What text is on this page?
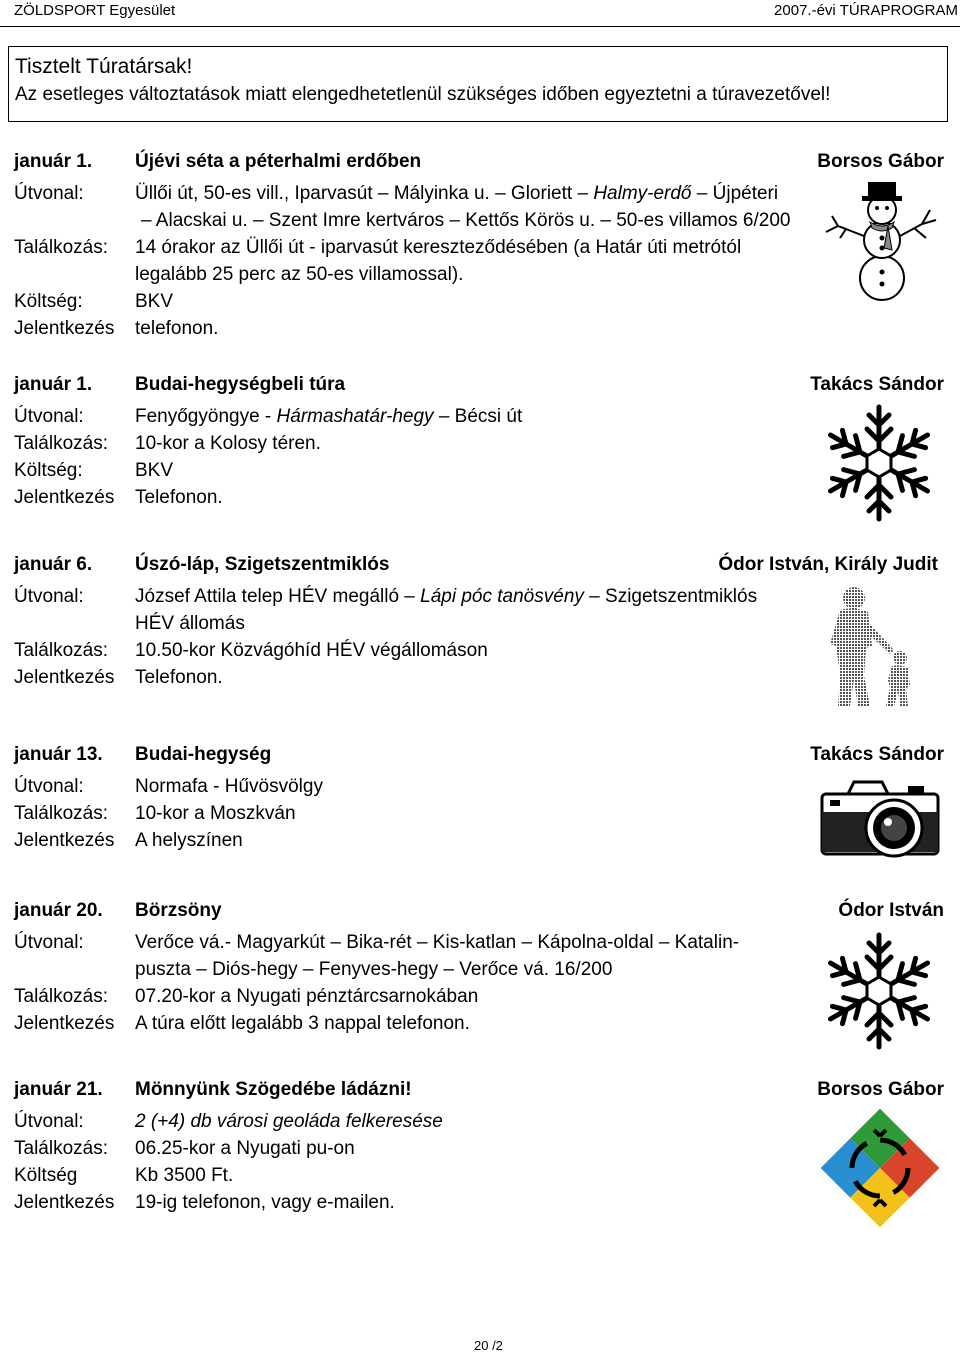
ZÖLDSPORT Egyesület	2007.-évi TÚRAPROGRAM
Tisztelt Túratársak!
Az esetleges változtatások miatt elengedhetetlenül szükséges időben egyeztetni a túravezetővel!
január 1. Újévi séta a péterhalmi erdőben	Borsos Gábor
Útvonal:	Üllői út, 50-es vill., Iparvasút – Mályinka u. – Gloriett – Halmy-erdő – Újpéteri
– Alacskai u. – Szent Imre kertváros – Kettős Körös u. – 50-es villamos 6/200
Találkozás: 14 órakor az Üllői út - iparvasút kereszteződésében (a Határ úti metrótól
legalább 25 perc az 50-es villamossal).
Költség:	BKV
Jelentkezés telefonon.
január 1. Budai-hegységbeli túra	Takács Sándor
Útvonal:	Fenyőgyöngye - Hármashatár-hegy – Bécsi út
Találkozás: 10-kor a Kolosy téren.
Költség:	BKV
Jelentkezés Telefonon.
január 6. Úszó-láp, Szigetszentmiklós	Ódor István, Király Judit
Útvonal:	József Attila telep HÉV megálló – Lápi póc tanösvény – Szigetszentmiklós
HÉV állomás
Találkozás: 10.50-kor Közvágóhíd HÉV végállomáson
Jelentkezés Telefonon.
január 13. Budai-hegység	Takács Sándor
Útvonal:	Normafa - Hűvösvölgy
Találkozás: 10-kor a Moszkván
Jelentkezés A helyszínen
január 20. Börzsöny	Ódor István
Útvonal:	Verőce vá.- Magyarkút – Bika-rét – Kis-katlan – Kápolna-oldal – Katalin-
puszta – Diós-hegy – Fenyves-hegy – Verőce vá. 16/200
Találkozás: 07.20-kor a Nyugati pénztárcsarnokában
Jelentkezés A túra előtt legalább 3 nappal telefonon.
január 21. Mönnyünk Szögedébe ládázni!	Borsos Gábor
Útvonal:	2 (+4) db városi geoláda felkeresése
Találkozás: 06.25-kor a Nyugati pu-on
Költség	Kb 3500 Ft.
Jelentkezés 19-ig telefonon, vagy e-mailen.
20 /2
